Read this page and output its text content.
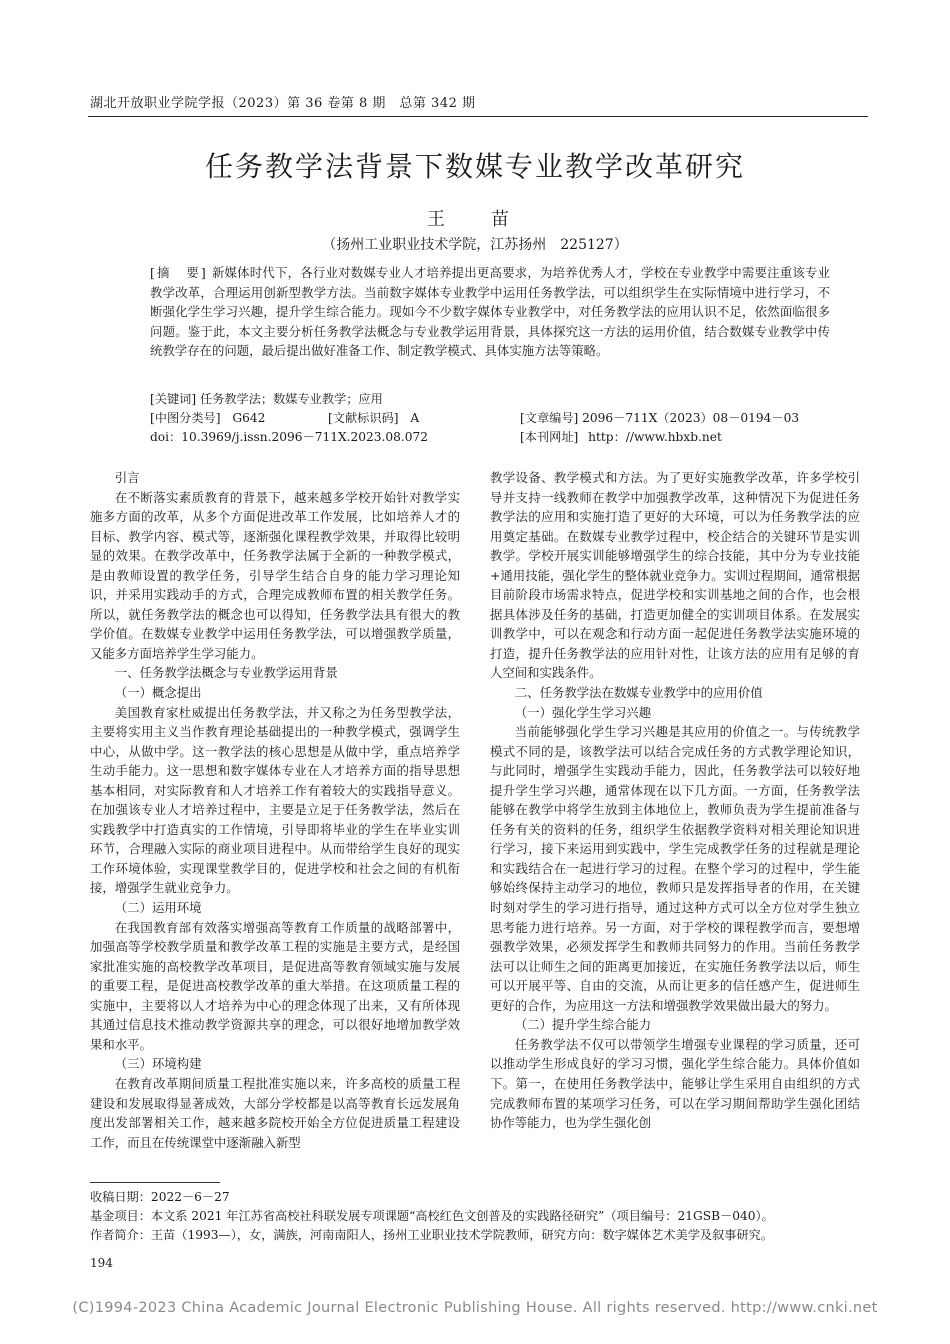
湖北开放职业学院学报（2023）第 36 卷第 8 期　总第 342 期
任务教学法背景下数媒专业教学改革研究
王　苗
（扬州工业职业技术学院，江苏扬州　225127）
[摘　要] 新媒体时代下，各行业对数媒专业人才培养提出更高要求，为培养优秀人才，学校在专业教学中需要注重该专业教学改革，合理运用创新型教学方法。当前数字媒体专业教学中运用任务教学法，可以组织学生在实际情境中进行学习，不断强化学生学习兴趣，提升学生综合能力。现如今不少数字媒体专业教学中，对任务教学法的应用认识不足，依然面临很多问题。鉴于此，本文主要分析任务教学法概念与专业教学运用背景，具体探究这一方法的运用价值，结合数媒专业教学中传统教学存在的问题，最后提出做好准备工作、制定教学模式、具体实施方法等策略。
[关键词] 任务教学法；数媒专业教学；应用
[中图分类号] G642	[文献标识码] A	[文章编号] 2096－711X（2023）08－0194－03
doi：10.3969/j.issn.2096－711X.2023.08.072	[本刊网址] http：//www.hbxb.net

引言

在不断落实素质教育的背景下，越来越多学校开始针对教学实施多方面的改革，从多个方面促进改革工作发展，比如培养人才的目标、教学内容、模式等，逐渐强化课程教学效果，并取得比较明显的效果。在教学改革中，任务教学法属于全新的一种教学模式，是由教师设置的教学任务，引导学生结合自身的能力学习理论知识，并采用实践动手的方式，合理完成教师布置的相关教学任务。所以，就任务教学法的概念也可以得知，任务教学法具有很大的教学价值。在数媒专业教学中运用任务教学法，可以增强教学质量，又能多方面培养学生学习能力。

一、任务教学法概念与专业教学运用背景

（一）概念提出

美国教育家杜威提出任务教学法，并又称之为任务型教学法，主要将实用主义当作教育理论基础提出的一种教学模式，强调学生中心，从做中学。这一教学法的核心思想是从做中学，重点培养学生动手能力。这一思想和数字媒体专业在人才培养方面的指导思想基本相同，对实际教育和人才培养工作有着较大的实践指导意义。在加强该专业人才培养过程中，主要是立足于任务教学法，然后在实践教学中打造真实的工作情境，引导即将毕业的学生在毕业实训环节，合理融入实际的商业项目进程中。从而带给学生良好的现实工作环境体验，实现课堂教学目的，促进学校和社会之间的有机衔接，增强学生就业竞争力。

（二）运用环境

在我国教育部有效落实增强高等教育工作质量的战略部署中，加强高等学校教学质量和教学改革工程的实施是主要方式，是经国家批准实施的高校教学改革项目，是促进高等教育领域实施与发展的重要工程，是促进高校教学改革的重大举措。在这项质量工程的实施中，主要将以人才培养为中心的理念体现了出来，又有所体现其通过信息技术推动教学资源共享的理念，可以很好地增加教学效果和水平。

（三）环境构建

在教育改革期间质量工程批准实施以来，许多高校的质量工程建设和发展取得显著成效，大部分学校都是以高等教育长远发展角度出发部署相关工作，越来越多院校开始全方位促进质量工程建设工作，而且在传统课堂中逐渐融入新型

教学设备、教学模式和方法。为了更好实施教学改革，许多学校引导并支持一线教师在教学中加强教学改革，这种情况下为促进任务教学法的应用和实施打造了更好的大环境，可以为任务教学法的应用奠定基础。在数媒专业教学过程中，校企结合的关键环节是实训教学。学校开展实训能够增强学生的综合技能，其中分为专业技能+通用技能，强化学生的整体就业竞争力。实训过程期间，通常根据目前阶段市场需求特点，促进学校和实训基地之间的合作，也会根据具体涉及任务的基础，打造更加健全的实训项目体系。在发展实训教学中，可以在观念和行动方面一起促进任务教学法实施环境的打造，提升任务教学法的应用针对性，让该方法的应用有足够的育人空间和实践条件。

二、任务教学法在数媒专业教学中的应用价值

（一）强化学生学习兴趣

当前能够强化学生学习兴趣是其应用的价值之一。与传统教学模式不同的是，该教学法可以结合完成任务的方式教学理论知识，与此同时，增强学生实践动手能力，因此，任务教学法可以较好地提升学生学习兴趣，通常体现在以下几方面。一方面，任务教学法能够在教学中将学生放到主体地位上，教师负责为学生提前准备与任务有关的资料的任务，组织学生依据教学资料对相关理论知识进行学习，接下来运用到实践中，学生完成教学任务的过程就是理论和实践结合在一起进行学习的过程。在整个学习的过程中，学生能够始终保持主动学习的地位，教师只是发挥指导者的作用，在关键时刻对学生的学习进行指导，通过这种方式可以全方位对学生独立思考能力进行培养。另一方面，对于学校的课程教学而言，要想增强教学效果，必须发挥学生和教师共同努力的作用。当前任务教学法可以让师生之间的距离更加接近，在实施任务教学法以后，师生可以开展平等、自由的交流，从而让更多的信任感产生，促进师生更好的合作，为应用这一方法和增强教学效果做出最大的努力。

（二）提升学生综合能力

任务教学法不仅可以带领学生增强专业课程的学习质量，还可以推动学生形成良好的学习习惯，强化学生综合能力。具体价值如下。第一，在使用任务教学法中，能够让学生采用自由组织的方式完成教师布置的某项学习任务，可以在学习期间帮助学生强化团结协作等能力，也为学生强化创

收稿日期：2022－6－27
基金项目：本文系 2021 年江苏省高校社科联发展专项课题“高校红色文创普及的实践路径研究”（项目编号：21GSB－040）。
作者简介：王苗（1993—），女，满族，河南南阳人，扬州工业职业技术学院教师，研究方向：数字媒体艺术美学及叙事研究。
194
(C)1994-2023 China Academic Journal Electronic Publishing House. All rights reserved. http://www.cnki.net
